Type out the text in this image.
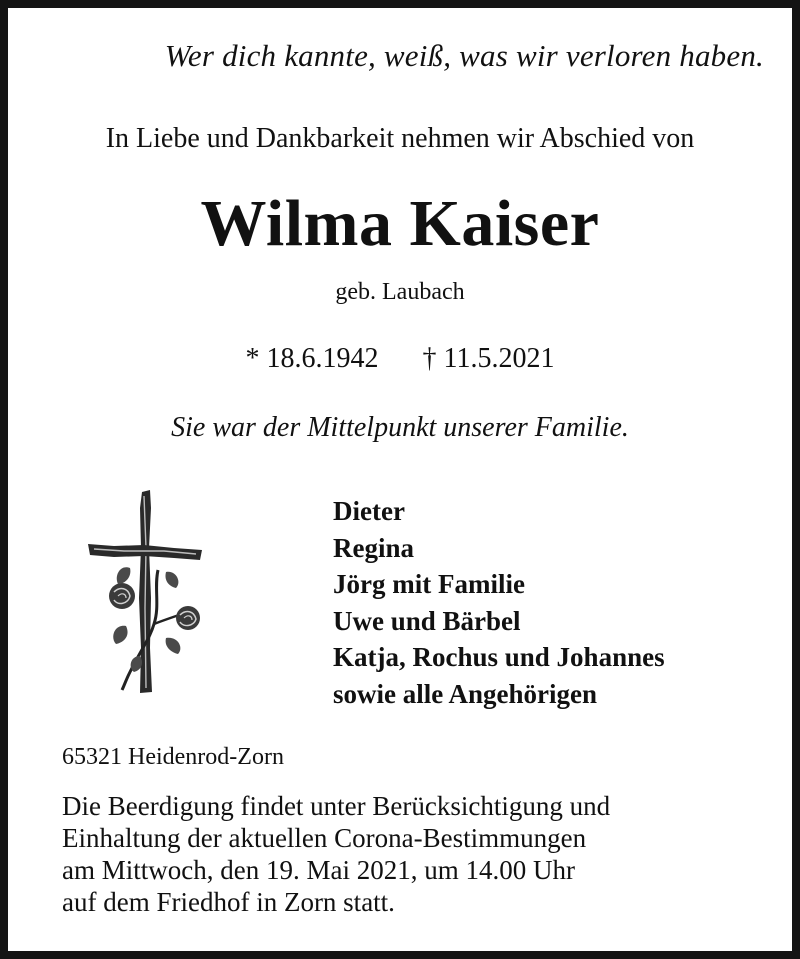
Wer dich kannte, weiß, was wir verloren haben.
In Liebe und Dankbarkeit nehmen wir Abschied von
Wilma Kaiser
geb. Laubach
* 18.6.1942 † 11.5.2021
Sie war der Mittelpunkt unserer Familie.
Dieter
Regina
Jörg mit Familie
Uwe und Bärbel
Katja, Rochus und Johannes
sowie alle Angehörigen
65321 Heidenrod-Zorn
Die Beerdigung findet unter Berücksichtigung und
Einhaltung der aktuellen Corona-Bestimmungen
am Mittwoch, den 19. Mai 2021, um 14.00 Uhr
auf dem Friedhof in Zorn statt.
